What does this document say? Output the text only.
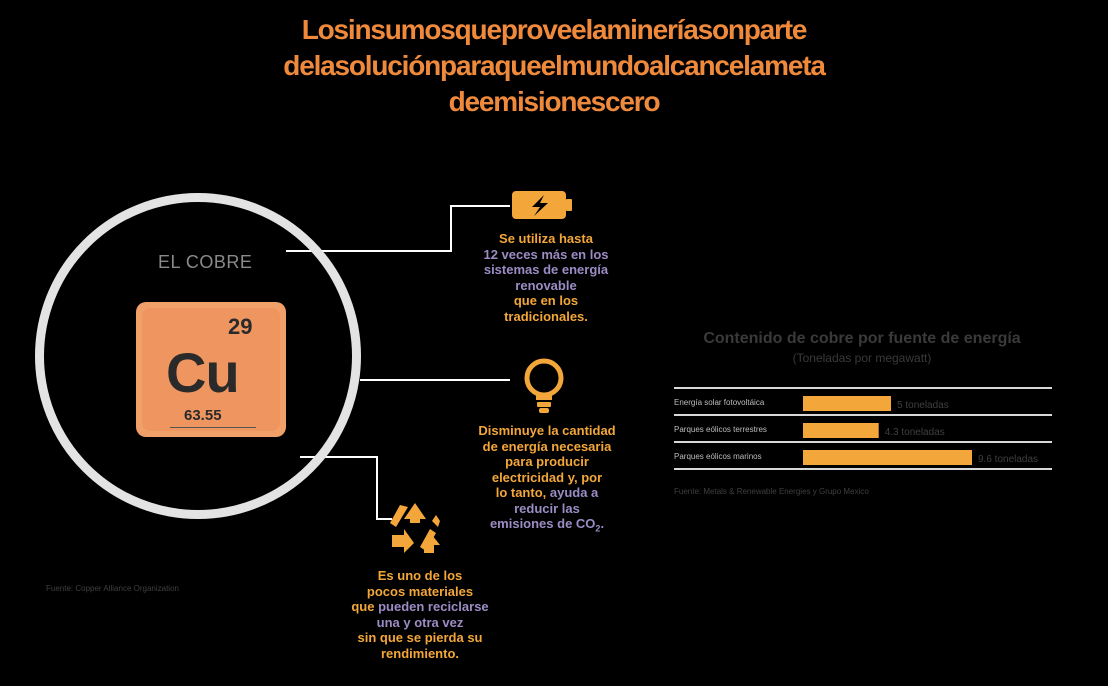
Losinsumosqueproveelamineríasonparte
delasoluciónparaqueelmundoalcancelameta
deemisionescero
EL COBRE
29
Cu
63.55
Se utiliza hasta
12 veces más en los
sistemas de energía
renovable
que en los
tradicionales.
Disminuye la cantidad
de energía necesaria
para producir
electricidad y, por
lo tanto, ayuda a
reducir las
emisiones de $CO_2$.
Es uno de los
pocos materiales
que pueden reciclarse
una y otra vez
sin que se pierda su
rendimiento.
Fuente: Copper Alliance Organization
Contenido de cobre por fuente de energía
(Toneladas por megawatt)
Energía solar fotovoltáica	5 toneladas
Parques eólicos terrestres	4.3 toneladas
Parques eólicos marinos	9.6 toneladas
Fuente: Metals & Renewable Energies y Grupo Mexico
